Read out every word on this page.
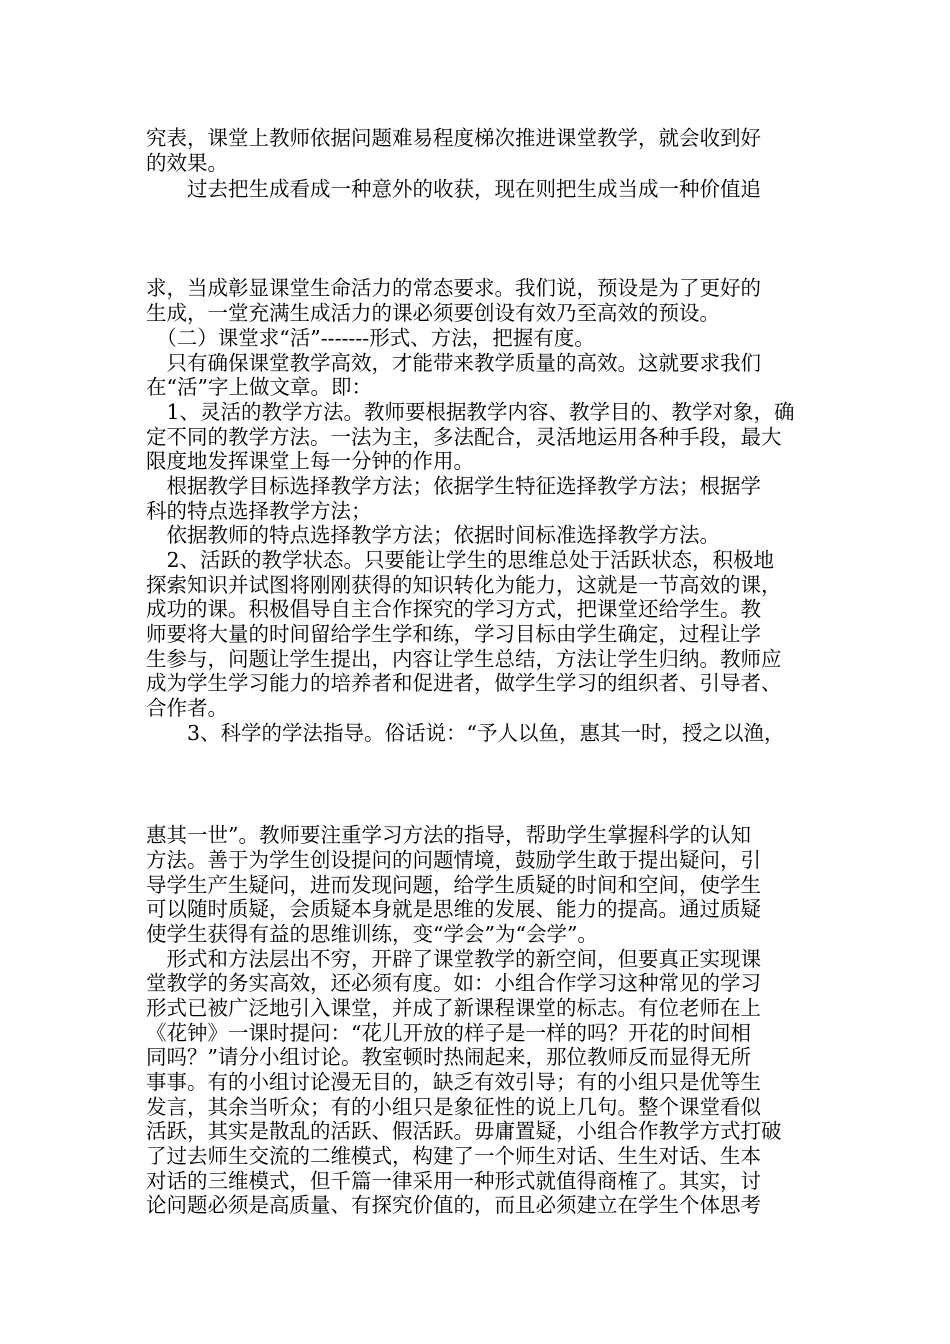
究表，课堂上教师依据问题难易程度梯次推进课堂教学，就会收到好
的效果。
　　过去把生成看成一种意外的收获，现在则把生成当成一种价值追
求，当成彰显课堂生命活力的常态要求。我们说，预设是为了更好的
生成，一堂充满生成活力的课必须要创设有效乃至高效的预设。
　（二）课堂求“活”-------形式、方法，把握有度。
　只有确保课堂教学高效，才能带来教学质量的高效。这就要求我们
在“活”字上做文章。即：
　1、灵活的教学方法。教师要根据教学内容、教学目的、教学对象，确
定不同的教学方法。一法为主，多法配合，灵活地运用各种手段，最大
限度地发挥课堂上每一分钟的作用。
　根据教学目标选择教学方法；依据学生特征选择教学方法；根据学
科的特点选择教学方法；
　依据教师的特点选择教学方法；依据时间标准选择教学方法。
　2、活跃的教学状态。只要能让学生的思维总处于活跃状态，积极地
探索知识并试图将刚刚获得的知识转化为能力，这就是一节高效的课，
成功的课。积极倡导自主合作探究的学习方式，把课堂还给学生。教
师要将大量的时间留给学生学和练，学习目标由学生确定，过程让学
生参与，问题让学生提出，内容让学生总结，方法让学生归纳。教师应
成为学生学习能力的培养者和促进者，做学生学习的组织者、引导者、
合作者。
　　3、科学的学法指导。俗话说：“予人以鱼，惠其一时，授之以渔，
惠其一世”。教师要注重学习方法的指导，帮助学生掌握科学的认知
方法。善于为学生创设提问的问题情境，鼓励学生敢于提出疑问，引
导学生产生疑问，进而发现问题，给学生质疑的时间和空间，使学生
可以随时质疑，会质疑本身就是思维的发展、能力的提高。通过质疑
使学生获得有益的思维训练，变“学会”为“会学”。
　形式和方法层出不穷，开辟了课堂教学的新空间，但要真正实现课
堂教学的务实高效，还必须有度。如：小组合作学习这种常见的学习
形式已被广泛地引入课堂，并成了新课程课堂的标志。有位老师在上
《花钟》一课时提问：“花儿开放的样子是一样的吗？开花的时间相
同吗？”请分小组讨论。教室顿时热闹起来，那位教师反而显得无所
事事。有的小组讨论漫无目的，缺乏有效引导；有的小组只是优等生
发言，其余当听众；有的小组只是象征性的说上几句。整个课堂看似
活跃，其实是散乱的活跃、假活跃。毋庸置疑，小组合作教学方式打破
了过去师生交流的二维模式，构建了一个师生对话、生生对话、生本
对话的三维模式，但千篇一律采用一种形式就值得商榷了。其实，讨
论问题必须是高质量、有探究价值的，而且必须建立在学生个体思考
